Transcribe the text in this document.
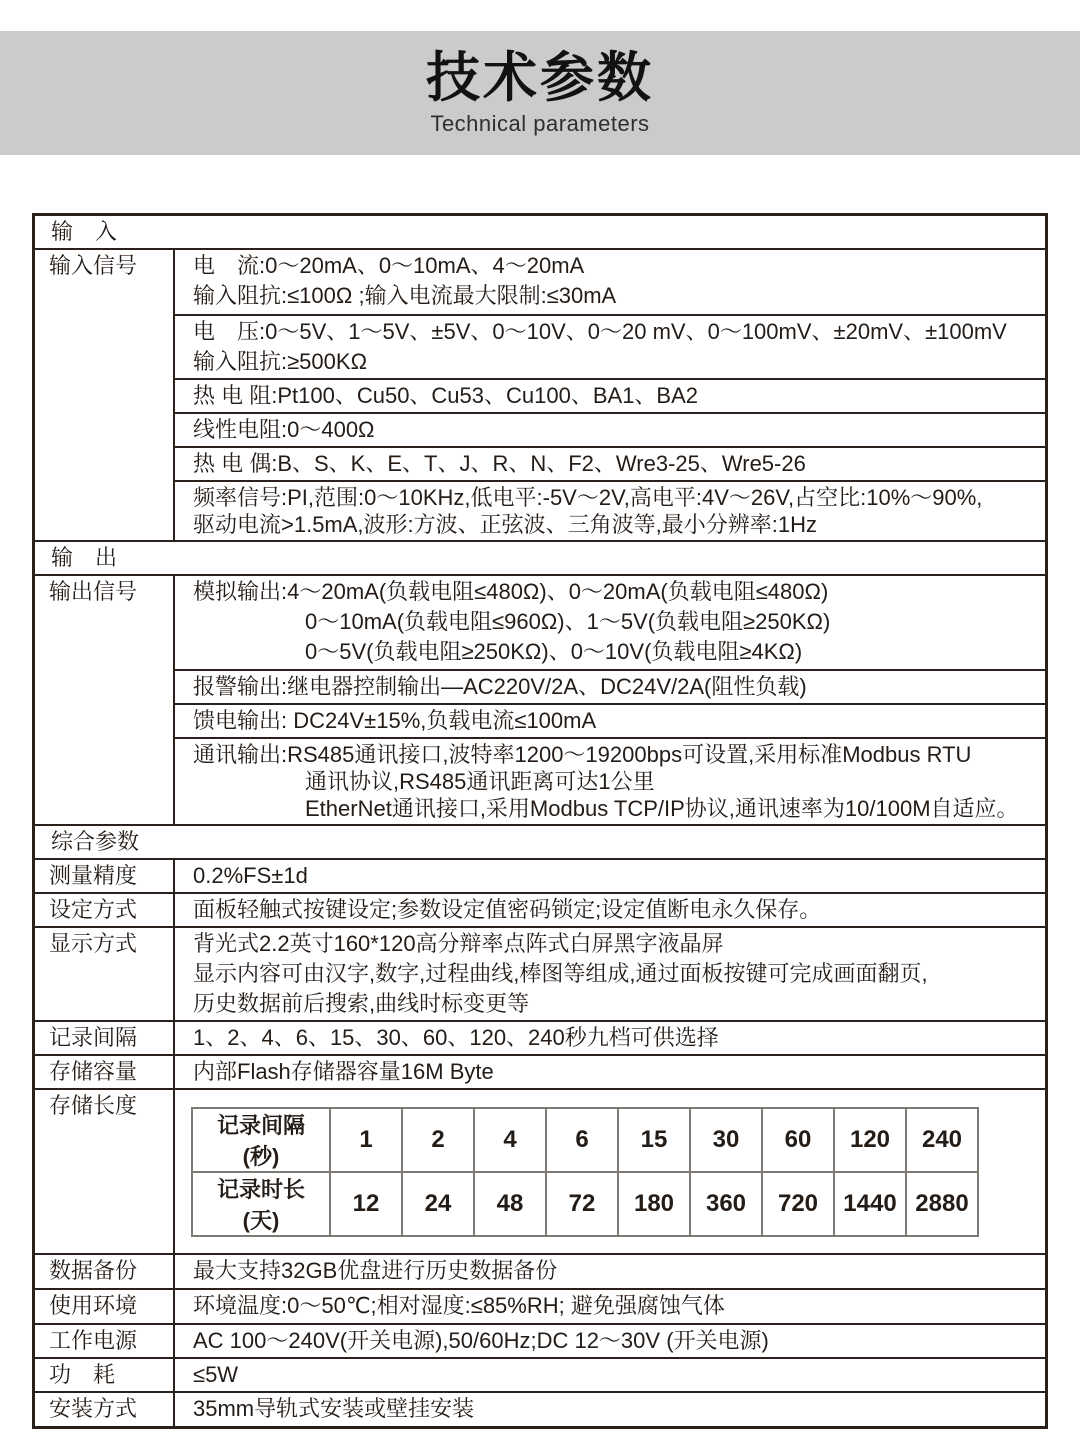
技术参数
Technical parameters
输　入
输入信号	电　流:0～20mA、0～10mA、4～20mA
输入阻抗:≤100Ω ;输入电流最大限制:≤30mA
电　压:0～5V、1～5V、±5V、0～10V、0～20 mV、0～100mV、±20mV、±100mV
输入阻抗:≥500KΩ
热 电 阻:Pt100、Cu50、Cu53、Cu100、BA1、BA2
线性电阻:0～400Ω
热 电 偶:B、S、K、E、T、J、R、N、F2、Wre3-25、Wre5-26
频率信号:PI,范围:0～10KHz,低电平:-5V～2V,高电平:4V～26V,占空比:10%～90%,
驱动电流>1.5mA,波形:方波、正弦波、三角波等,最小分辨率:1Hz
输　出
输出信号	模拟输出:4～20mA(负载电阻≤480Ω)、0～20mA(负载电阻≤480Ω)
0～10mA(负载电阻≤960Ω)、1～5V(负载电阻≥250KΩ)
0～5V(负载电阻≥250KΩ)、0～10V(负载电阻≥4KΩ)
报警输出:继电器控制输出—AC220V/2A、DC24V/2A(阻性负载)
馈电输出: DC24V±15%,负载电流≤100mA
通讯输出:RS485通讯接口,波特率1200～19200bps可设置,采用标准Modbus RTU
通讯协议,RS485通讯距离可达1公里
EtherNet通讯接口,采用Modbus TCP/IP协议,通讯速率为10/100M自适应。
综合参数
测量精度	0.2%FS±1d
设定方式	面板轻触式按键设定;参数设定值密码锁定;设定值断电永久保存。
显示方式	背光式2.2英寸160*120高分辩率点阵式白屏黑字液晶屏
显示内容可由汉字,数字,过程曲线,棒图等组成,通过面板按键可完成画面翻页,
历史数据前后搜索,曲线时标变更等
记录间隔	1、2、4、6、15、30、60、120、240秒九档可供选择
存储容量	内部Flash存储器容量16M Byte
存储长度
记录间隔(秒)	1	2	4	6	15	30	60	120	240
记录时长(天)	12	24	48	72	180	360	720	1440	2880
数据备份	最大支持32GB优盘进行历史数据备份
使用环境	环境温度:0～50℃;相对湿度:≤85%RH; 避免强腐蚀气体
工作电源	AC 100～240V(开关电源),50/60Hz;DC 12～30V (开关电源)
功　耗	≤5W
安装方式	35mm导轨式安装或壁挂安装
